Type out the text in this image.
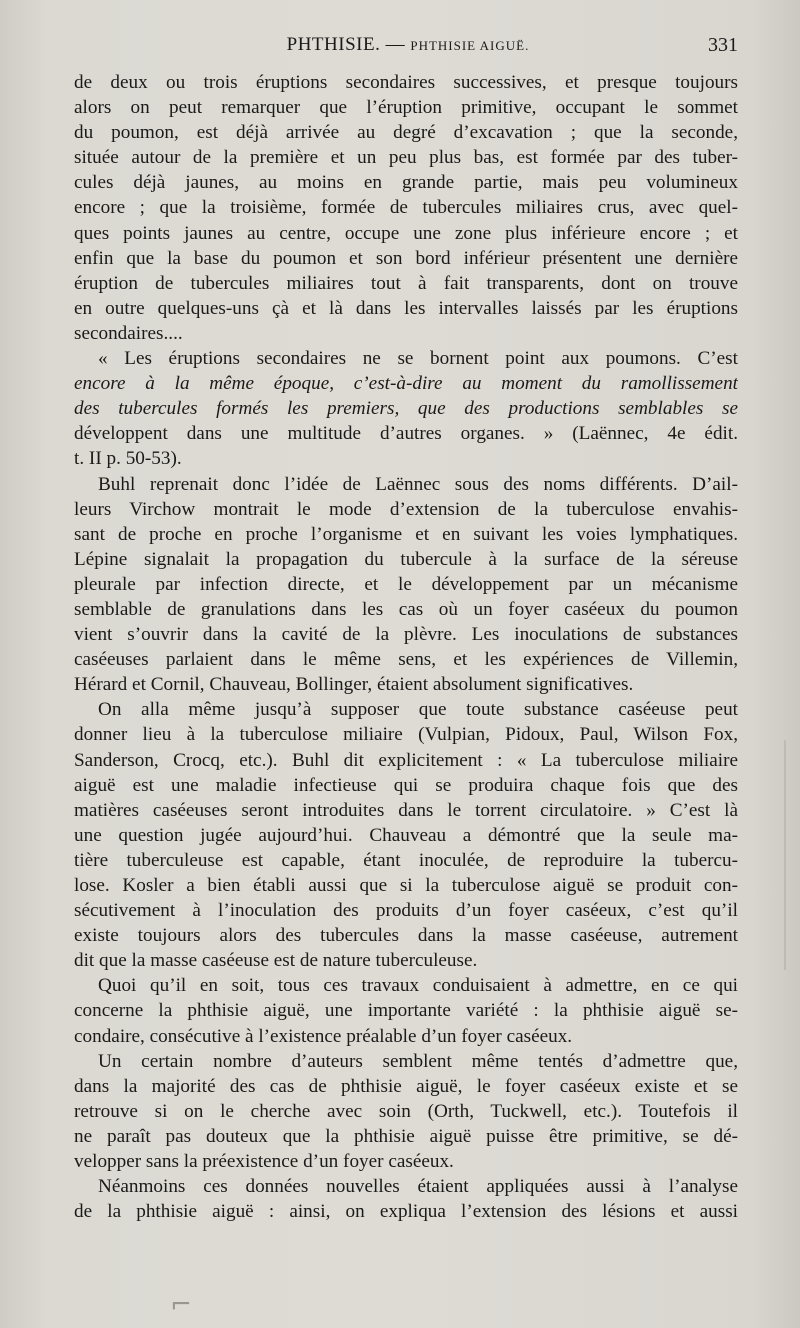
PHTHISIE. — PHTHISIE AIGUË.	331
de deux ou trois éruptions secondaires successives, et presque toujours
alors on peut remarquer que l’éruption primitive, occupant le sommet
du poumon, est déjà arrivée au degré d’excavation ; que la seconde,
située autour de la première et un peu plus bas, est formée par des tuber-
cules déjà jaunes, au moins en grande partie, mais peu volumineux
encore ; que la troisième, formée de tubercules miliaires crus, avec quel-
ques points jaunes au centre, occupe une zone plus inférieure encore ; et
enfin que la base du poumon et son bord inférieur présentent une dernière
éruption de tubercules miliaires tout à fait transparents, dont on trouve
en outre quelques-uns çà et là dans les intervalles laissés par les éruptions
secondaires....
« Les éruptions secondaires ne se bornent point aux poumons. C’est
encore à la même époque, c’est-à-dire au moment du ramollissement
des tubercules formés les premiers, que des productions semblables se
développent dans une multitude d’autres organes. » (Laënnec, 4e édit.
t. II p. 50-53).
Buhl reprenait donc l’idée de Laënnec sous des noms différents. D’ail-
leurs Virchow montrait le mode d’extension de la tuberculose envahis-
sant de proche en proche l’organisme et en suivant les voies lymphatiques.
Lépine signalait la propagation du tubercule à la surface de la séreuse
pleurale par infection directe, et le développement par un mécanisme
semblable de granulations dans les cas où un foyer caséeux du poumon
vient s’ouvrir dans la cavité de la plèvre. Les inoculations de substances
caséeuses parlaient dans le même sens, et les expériences de Villemin,
Hérard et Cornil, Chauveau, Bollinger, étaient absolument significatives.
On alla même jusqu’à supposer que toute substance caséeuse peut
donner lieu à la tuberculose miliaire (Vulpian, Pidoux, Paul, Wilson Fox,
Sanderson, Crocq, etc.). Buhl dit explicitement : « La tuberculose miliaire
aiguë est une maladie infectieuse qui se produira chaque fois que des
matières caséeuses seront introduites dans le torrent circulatoire. » C’est là
une question jugée aujourd’hui. Chauveau a démontré que la seule ma-
tière tuberculeuse est capable, étant inoculée, de reproduire la tubercu-
lose. Kosler a bien établi aussi que si la tuberculose aiguë se produit con-
sécutivement à l’inoculation des produits d’un foyer caséeux, c’est qu’il
existe toujours alors des tubercules dans la masse caséeuse, autrement
dit que la masse caséeuse est de nature tuberculeuse.
Quoi qu’il en soit, tous ces travaux conduisaient à admettre, en ce qui
concerne la phthisie aiguë, une importante variété : la phthisie aiguë se-
condaire, consécutive à l’existence préalable d’un foyer caséeux.
Un certain nombre d’auteurs semblent même tentés d’admettre que,
dans la majorité des cas de phthisie aiguë, le foyer caséeux existe et se
retrouve si on le cherche avec soin (Orth, Tuckwell, etc.). Toutefois il
ne paraît pas douteux que la phthisie aiguë puisse être primitive, se dé-
velopper sans la préexistence d’un foyer caséeux.
Néanmoins ces données nouvelles étaient appliquées aussi à l’analyse
de la phthisie aiguë : ainsi, on expliqua l’extension des lésions et aussi
⌐
